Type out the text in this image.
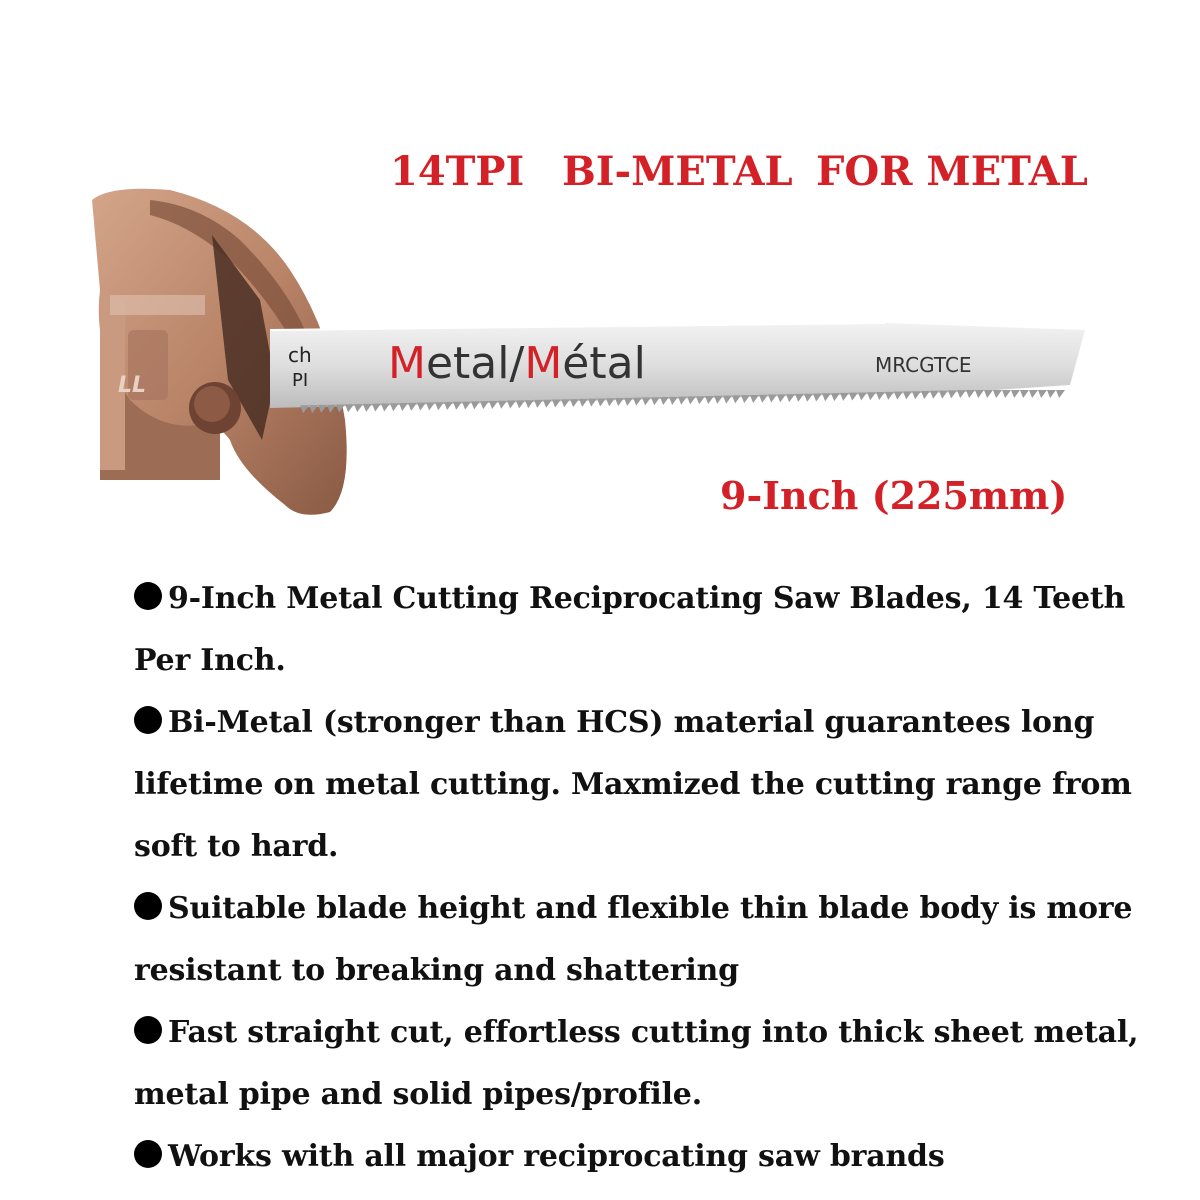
LL
ch
PI Metal/Métal	MRCGTCE
14TPI BI-METAL FOR METAL
9-Inch (225mm)
9-Inch Metal Cutting Reciprocating Saw Blades, 14 Teeth Per Inch.
Bi-Metal (stronger than HCS) material guarantees long lifetime on metal cutting. Maxmized the cutting range from soft to hard.
Suitable blade height and flexible thin blade body is more resistant to breaking and shattering
Fast straight cut, effortless cutting into thick sheet metal, metal pipe and solid pipes/profile.
Works with all major reciprocating saw brands
